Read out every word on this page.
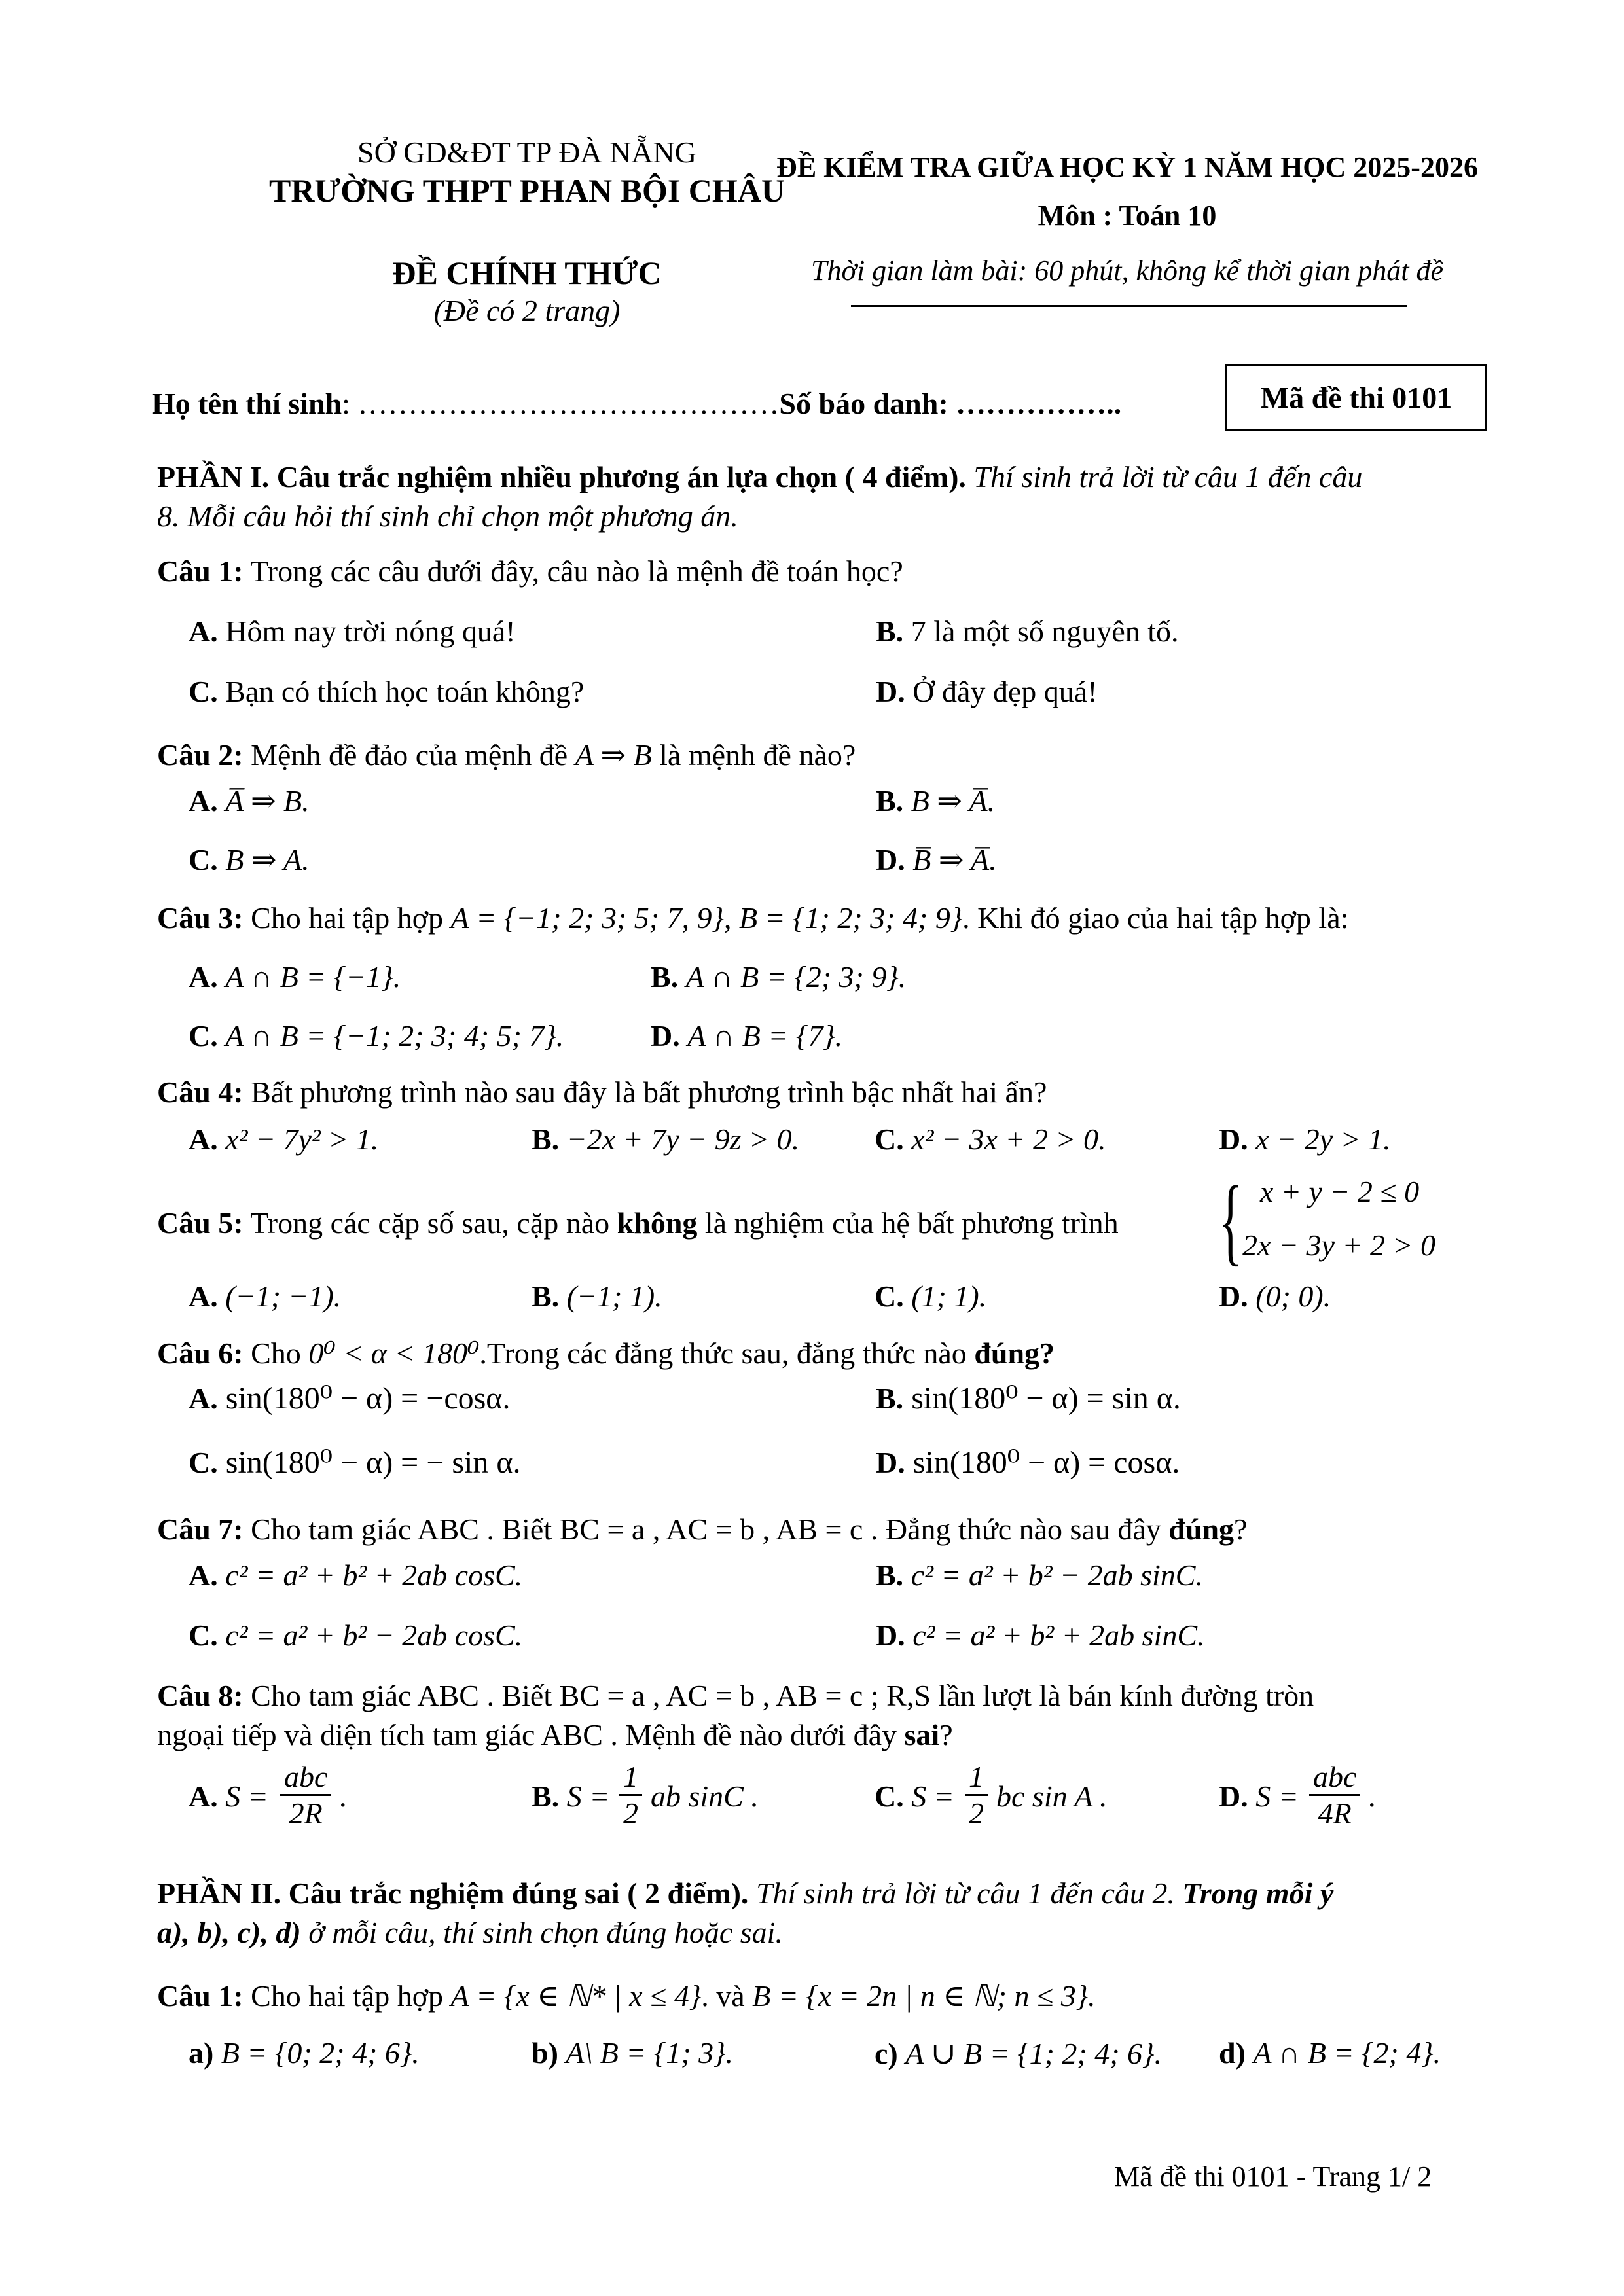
SỞ GD&ĐT TP ĐÀ NẴNG
TRƯỜNG THPT PHAN BỘI CHÂU
ĐỀ CHÍNH THỨC
(Đề có 2 trang)
ĐỀ KIỂM TRA GIỮA HỌC KỲ 1 NĂM HỌC 2025-2026
Môn : Toán 10
Thời gian làm bài: 60 phút, không kể thời gian phát đề
Họ tên thí sinh: ……………………………………Số báo danh: ……………..	Mã đề thi 0101
PHẦN I. Câu trắc nghiệm nhiều phương án lựa chọn ( 4 điểm). Thí sinh trả lời từ câu 1 đến câu
8. Mỗi câu hỏi thí sinh chỉ chọn một phương án.
Câu 1: Trong các câu dưới đây, câu nào là mệnh đề toán học?
A. Hôm nay trời nóng quá!	B. 7 là một số nguyên tố.
C. Bạn có thích học toán không?	D. Ở đây đẹp quá!
Câu 2: Mệnh đề đảo của mệnh đề A ⇒ B là mệnh đề nào?
A. A̅ ⇒ B.	B. B ⇒ A̅.
C. B ⇒ A.	D. B̅ ⇒ A̅.
Câu 3: Cho hai tập hợp A = {−1; 2; 3; 5; 7, 9}, B = {1; 2; 3; 4; 9}. Khi đó giao của hai tập hợp là:
A. A ∩ B = {−1}.	B. A ∩ B = {2; 3; 9}.
C. A ∩ B = {−1; 2; 3; 4; 5; 7}.	D. A ∩ B = {7}.
Câu 4: Bất phương trình nào sau đây là bất phương trình bậc nhất hai ẩn?
A. x² − 7y² > 1.	B. −2x + 7y − 9z > 0. C. x² − 3x + 2 > 0.	D. x − 2y > 1.
Câu 5: Trong các cặp số sau, cặp nào không là nghiệm của hệ bất phương trình { x + y − 2 ≤ 0
2x − 3y + 2 > 0
A. (−1; −1).	B. (−1; 1).	C. (1; 1).	D. (0; 0).
Câu 6: Cho 0⁰ < α < 180⁰.Trong các đẳng thức sau, đẳng thức nào đúng?
A. sin(180⁰ − α) = −cosα.	B. sin(180⁰ − α) = sin α.
C. sin(180⁰ − α) = − sin α.	D. sin(180⁰ − α) = cosα.
Câu 7: Cho tam giác ABC . Biết BC = a , AC = b , AB = c . Đẳng thức nào sau đây đúng?
A. c² = a² + b² + 2ab cosC.	B. c² = a² + b² − 2ab sinC.
C. c² = a² + b² − 2ab cosC.	D. c² = a² + b² + 2ab sinC.
Câu 8: Cho tam giác ABC . Biết BC = a , AC = b , AB = c ; R,S lần lượt là bán kính đường tròn
ngoại tiếp và diện tích tam giác ABC . Mệnh đề nào dưới đây sai?
A. S =
abc
2R
.	B. $S = \frac{1}{2}$ ab sinC .	C. $S = \frac{1}{2}$ bc sin A .	D. S =
abc
4R
.
PHẦN II. Câu trắc nghiệm đúng sai ( 2 điểm). Thí sinh trả lời từ câu 1 đến câu 2. Trong mỗi ý
a), b), c), d) ở mỗi câu, thí sinh chọn đúng hoặc sai.
Câu 1: Cho hai tập hợp A = {x ∈ ℕ* | x ≤ 4}. và B = {x = 2n | n ∈ ℕ; n ≤ 3}.
a) B = {0; 2; 4; 6}.	b) A\ B = {1; 3}.	c) A ∪ B = {1; 2; 4; 6}. d) A ∩ B = {2; 4}.
Mã đề thi 0101 - Trang 1/ 2
